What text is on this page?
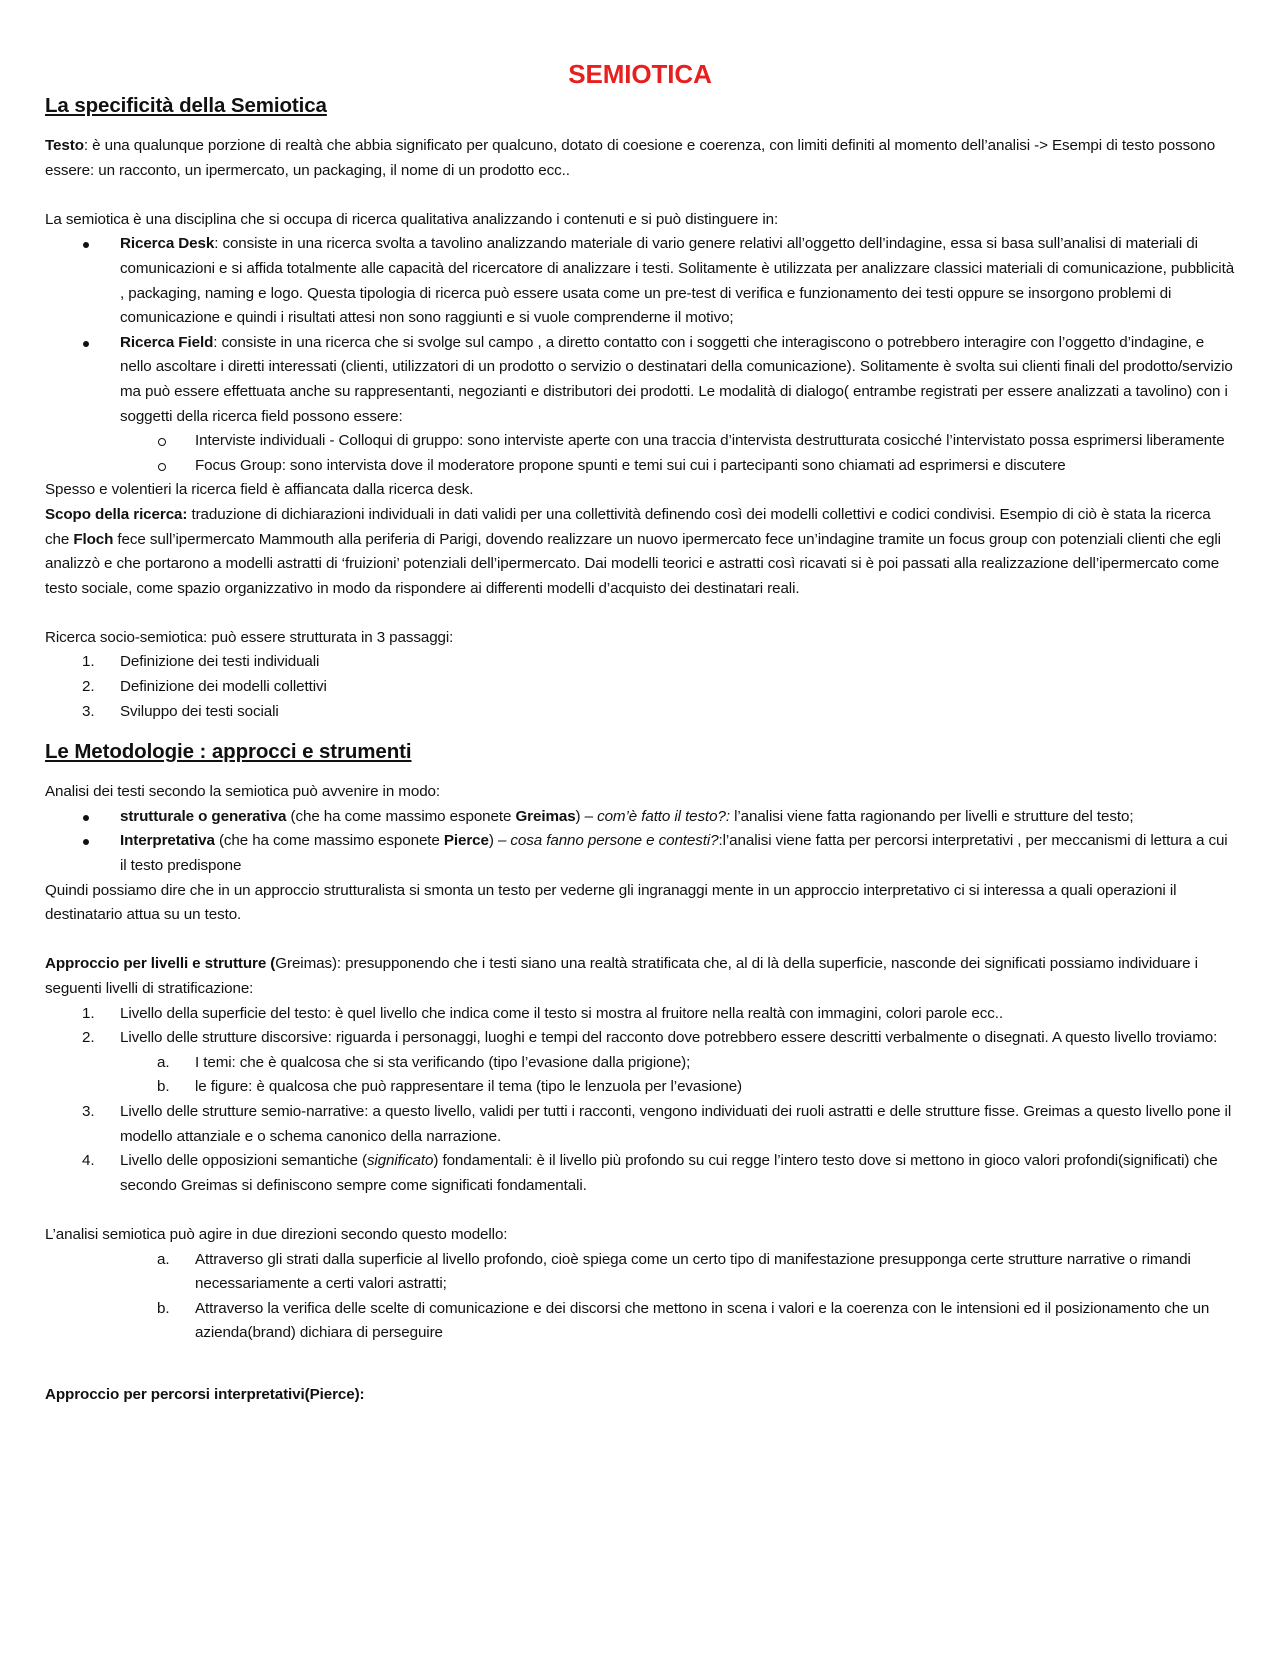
SEMIOTICA
La specificità della Semiotica

Testo: è una qualunque porzione di realtà che abbia significato per qualcuno, dotato di coesione e coerenza, con limiti definiti al momento dell’analisi -> Esempi di testo possono essere: un racconto, un ipermercato, un packaging, il nome di un prodotto ecc..

La semiotica è una disciplina che si occupa di ricerca qualitativa analizzando i contenuti e si può distinguere in:

Ricerca Desk: consiste in una ricerca svolta a tavolino analizzando materiale di vario genere relativi all’oggetto dell’indagine, essa si basa sull’analisi di materiali di comunicazioni e si affida totalmente alle capacità del ricercatore di analizzare i testi. Solitamente è utilizzata per analizzare classici materiali di comunicazione, pubblicità , packaging, naming e logo. Questa tipologia di ricerca può essere usata come un pre-test di verifica e funzionamento dei testi oppure se insorgono problemi di comunicazione e quindi i risultati attesi non sono raggiunti e si vuole comprenderne il motivo;
Ricerca Field: consiste in una ricerca che si svolge sul campo , a diretto contatto con i soggetti che interagiscono o potrebbero interagire con l’oggetto d’indagine, e nello ascoltare i diretti interessati (clienti, utilizzatori di un prodotto o servizio o destinatari della comunicazione). Solitamente è svolta sui clienti finali del prodotto/servizio ma può essere effettuata anche su rappresentanti, negozianti e distributori dei prodotti. Le modalità di dialogo( entrambe registrati per essere analizzati a tavolino) con i soggetti della ricerca field possono essere:
Interviste individuali - Colloqui di gruppo: sono interviste aperte con una traccia d’intervista destrutturata cosicché l’intervistato possa esprimersi liberamente
Focus Group: sono intervista dove il moderatore propone spunti e temi sui cui i partecipanti sono chiamati ad esprimersi e discutere

Spesso e volentieri la ricerca field è affiancata dalla ricerca desk.

Scopo della ricerca: traduzione di dichiarazioni individuali in dati validi per una collettività definendo così dei modelli collettivi e codici condivisi. Esempio di ciò è stata la ricerca che Floch fece sull’ipermercato Mammouth alla periferia di Parigi, dovendo realizzare un nuovo ipermercato fece un’indagine tramite un focus group con potenziali clienti che egli analizzò e che portarono a modelli astratti di ‘fruizioni’ potenziali dell’ipermercato. Dai modelli teorici e astratti così ricavati si è poi passati alla realizzazione dell’ipermercato come testo sociale, come spazio organizzativo in modo da rispondere ai differenti modelli d’acquisto dei destinatari reali.

Ricerca socio-semiotica: può essere strutturata in 3 passaggi:

1.	Definizione dei testi individuali
2.	Definizione dei modelli collettivi
3.	Sviluppo dei testi sociali
Le Metodologie : approcci e strumenti

Analisi dei testi secondo la semiotica può avvenire in modo:

strutturale o generativa (che ha come massimo esponete Greimas) – com’è fatto il testo?: l’analisi viene fatta ragionando per livelli e strutture del testo;
Interpretativa (che ha come massimo esponete Pierce) – cosa fanno persone e contesti?:l’analisi viene fatta per percorsi interpretativi , per meccanismi di lettura a cui il testo predispone

Quindi possiamo dire che in un approccio strutturalista si smonta un testo per vederne gli ingranaggi mente in un approccio interpretativo ci si interessa a quali operazioni il destinatario attua su un testo.

Approccio per livelli e strutture (Greimas): presupponendo che i testi siano una realtà stratificata che, al di là della superficie, nasconde dei significati possiamo individuare i seguenti livelli di stratificazione:

1.	Livello della superficie del testo: è quel livello che indica come il testo si mostra al fruitore nella realtà con immagini, colori parole ecc..
2.	Livello delle strutture discorsive: riguarda i personaggi, luoghi e tempi del racconto dove potrebbero essere descritti verbalmente o disegnati. A questo livello troviamo:
a.	I temi: che è qualcosa che si sta verificando (tipo l’evasione dalla prigione);
b.	le figure: è qualcosa che può rappresentare il tema (tipo le lenzuola per l’evasione)
3.	Livello delle strutture semio-narrative: a questo livello, validi per tutti i racconti, vengono individuati dei ruoli astratti e delle strutture fisse. Greimas a questo livello pone il modello attanziale e o schema canonico della narrazione.
4.	Livello delle opposizioni semantiche (significato) fondamentali: è il livello più profondo su cui regge l’intero testo dove si mettono in gioco valori profondi(significati) che secondo Greimas si definiscono sempre come significati fondamentali.

L’analisi semiotica può agire in due direzioni secondo questo modello:

a.	Attraverso gli strati dalla superficie al livello profondo, cioè spiega come un certo tipo di manifestazione presupponga certe strutture narrative o rimandi necessariamente a certi valori astratti;
b.	Attraverso la verifica delle scelte di comunicazione e dei discorsi che mettono in scena i valori e la coerenza con le intensioni ed il posizionamento che un azienda(brand) dichiara di perseguire

Approccio per percorsi interpretativi(Pierce):
